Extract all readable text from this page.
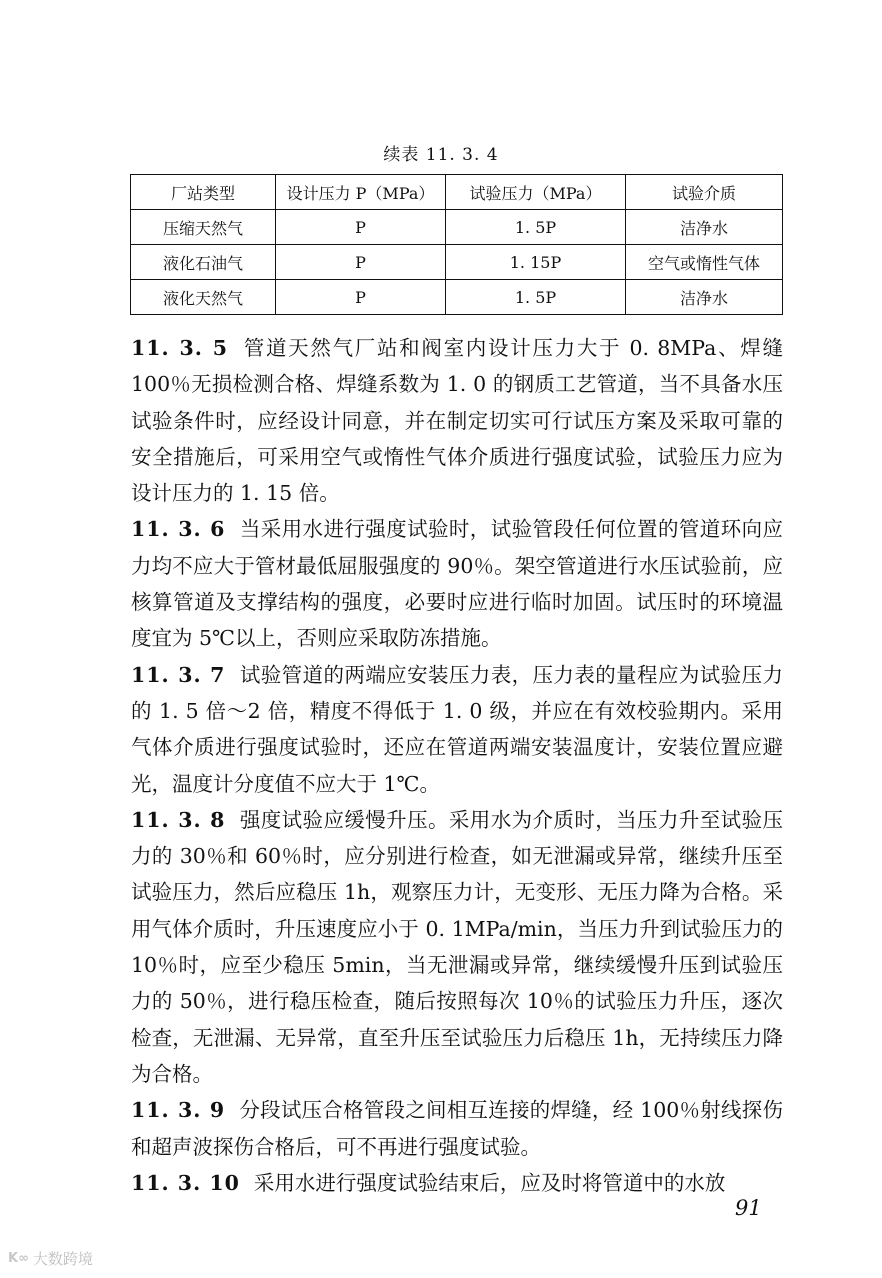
续表 11. 3. 4
厂站类型	设计压力 P（MPa）	试验压力（MPa）	试验介质
压缩天然气	P	1. 5P	洁净水
液化石油气	P	1. 15P	空气或惰性气体
液化天然气	P	1. 5P	洁净水

11. 3. 5 管道天然气厂站和阀室内设计压力大于 0. 8MPa、焊缝 100％无损检测合格、焊缝系数为 1. 0 的钢质工艺管道，当不具备水压试验条件时，应经设计同意，并在制定切实可行试压方案及采取可靠的安全措施后，可采用空气或惰性气体介质进行强度试验，试验压力应为设计压力的 1. 15 倍。

11. 3. 6 当采用水进行强度试验时，试验管段任何位置的管道环向应力均不应大于管材最低屈服强度的 90％。架空管道进行水压试验前，应核算管道及支撑结构的强度，必要时应进行临时加固。试压时的环境温度宜为 5℃以上，否则应采取防冻措施。

11. 3. 7 试验管道的两端应安装压力表，压力表的量程应为试验压力的 1. 5 倍～2 倍，精度不得低于 1. 0 级，并应在有效校验期内。采用气体介质进行强度试验时，还应在管道两端安装温度计，安装位置应避光，温度计分度值不应大于 1℃。

11. 3. 8 强度试验应缓慢升压。采用水为介质时，当压力升至试验压力的 30％和 60％时，应分别进行检查，如无泄漏或异常，继续升压至试验压力，然后应稳压 1h，观察压力计，无变形、无压力降为合格。采用气体介质时，升压速度应小于 0. 1MPa/min，当压力升到试验压力的 10％时，应至少稳压 5min，当无泄漏或异常，继续缓慢升压到试验压力的 50％，进行稳压检查，随后按照每次 10％的试验压力升压，逐次检查，无泄漏、无异常，直至升压至试验压力后稳压 1h，无持续压力降为合格。

11. 3. 9 分段试压合格管段之间相互连接的焊缝，经 100％射线探伤和超声波探伤合格后，可不再进行强度试验。

11. 3. 10 采用水进行强度试验结束后，应及时将管道中的水放

91
K∞ 大数跨境
